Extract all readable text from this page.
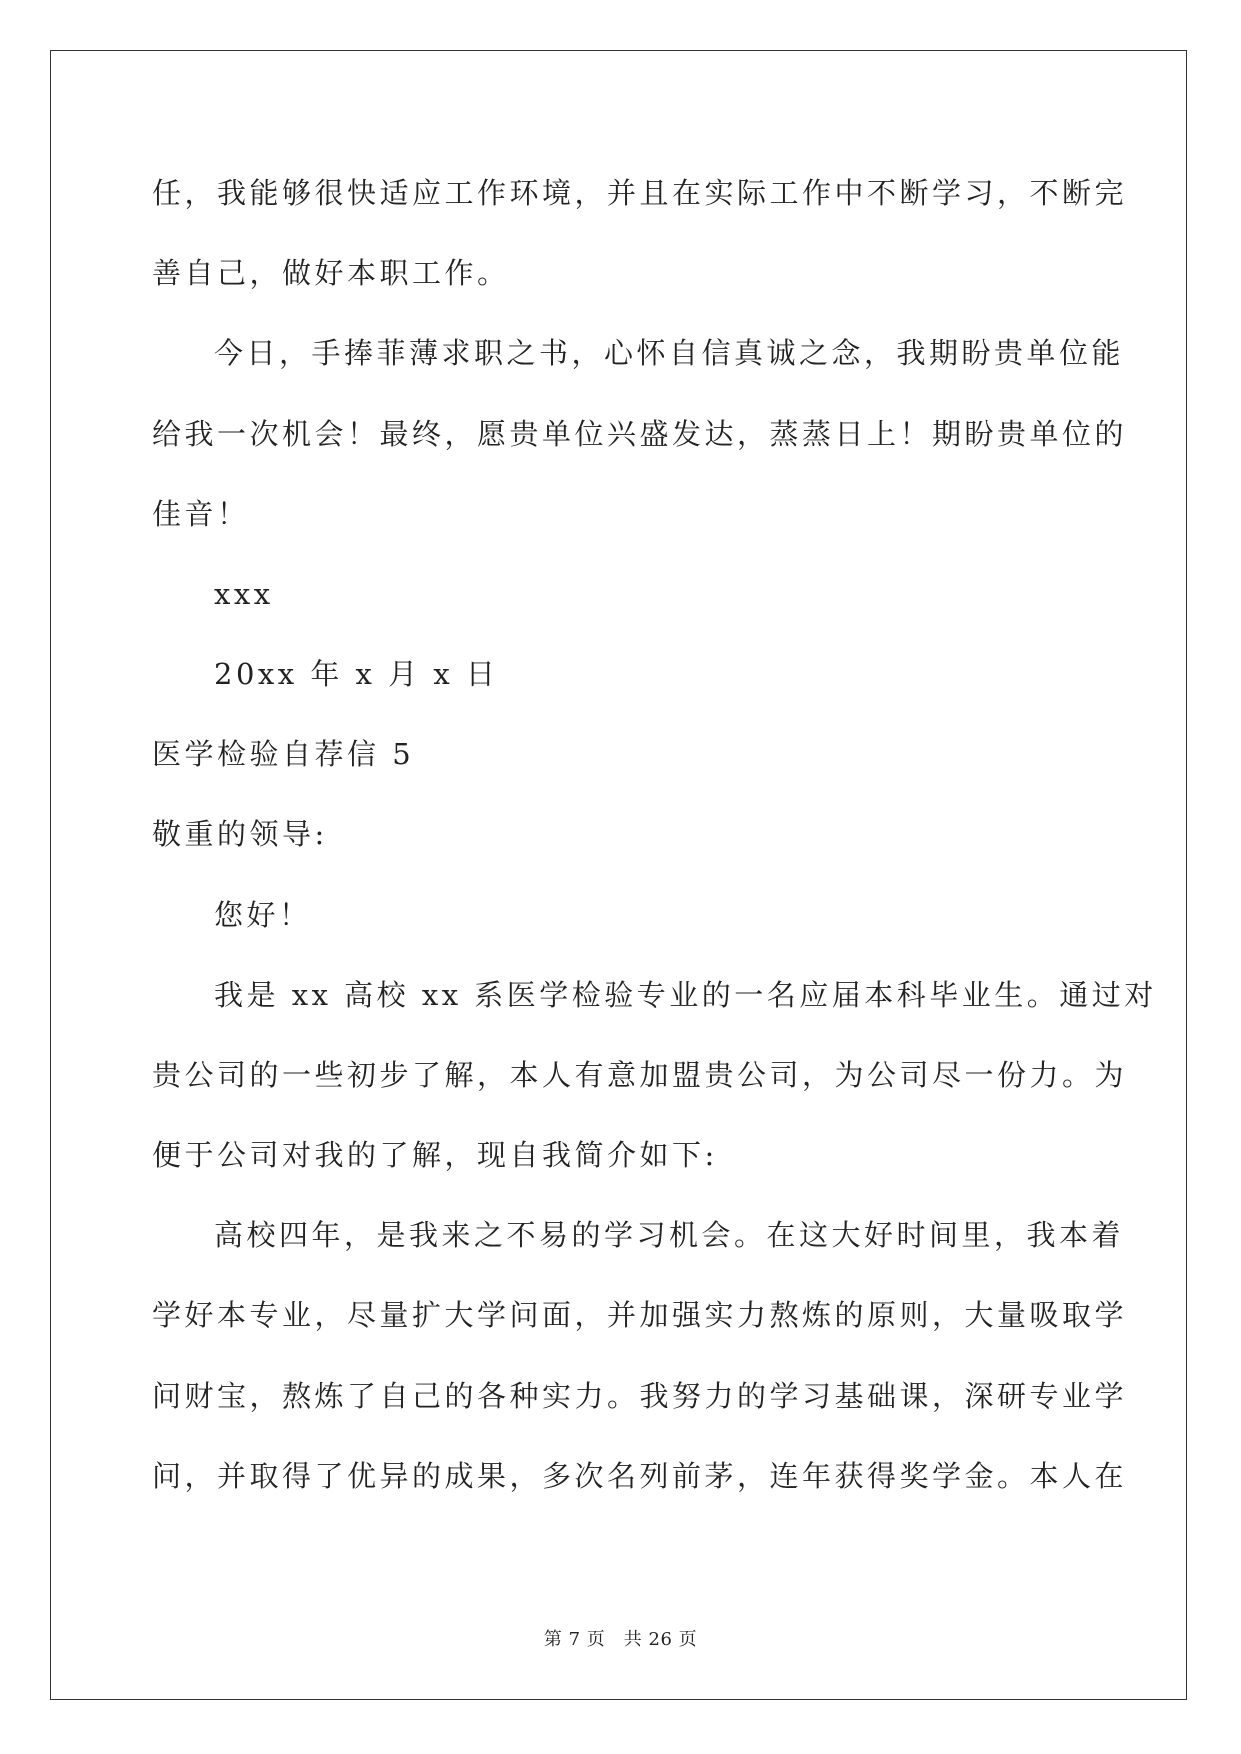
任，我能够很快适应工作环境，并且在实际工作中不断学习，不断完
善自己，做好本职工作。
今日，手捧菲薄求职之书，心怀自信真诚之念，我期盼贵单位能
给我一次机会！最终，愿贵单位兴盛发达，蒸蒸日上！期盼贵单位的
佳音！
xxx
20xx 年 x 月 x 日
医学检验自荐信 5
敬重的领导:
您好！
我是 xx 高校 xx 系医学检验专业的一名应届本科毕业生。通过对
贵公司的一些初步了解，本人有意加盟贵公司，为公司尽一份力。为
便于公司对我的了解，现自我简介如下:
高校四年，是我来之不易的学习机会。在这大好时间里，我本着
学好本专业，尽量扩大学问面，并加强实力熬炼的原则，大量吸取学
问财宝，熬炼了自己的各种实力。我努力的学习基础课，深研专业学
问，并取得了优异的成果，多次名列前茅，连年获得奖学金。本人在
第 7 页　共 26 页
